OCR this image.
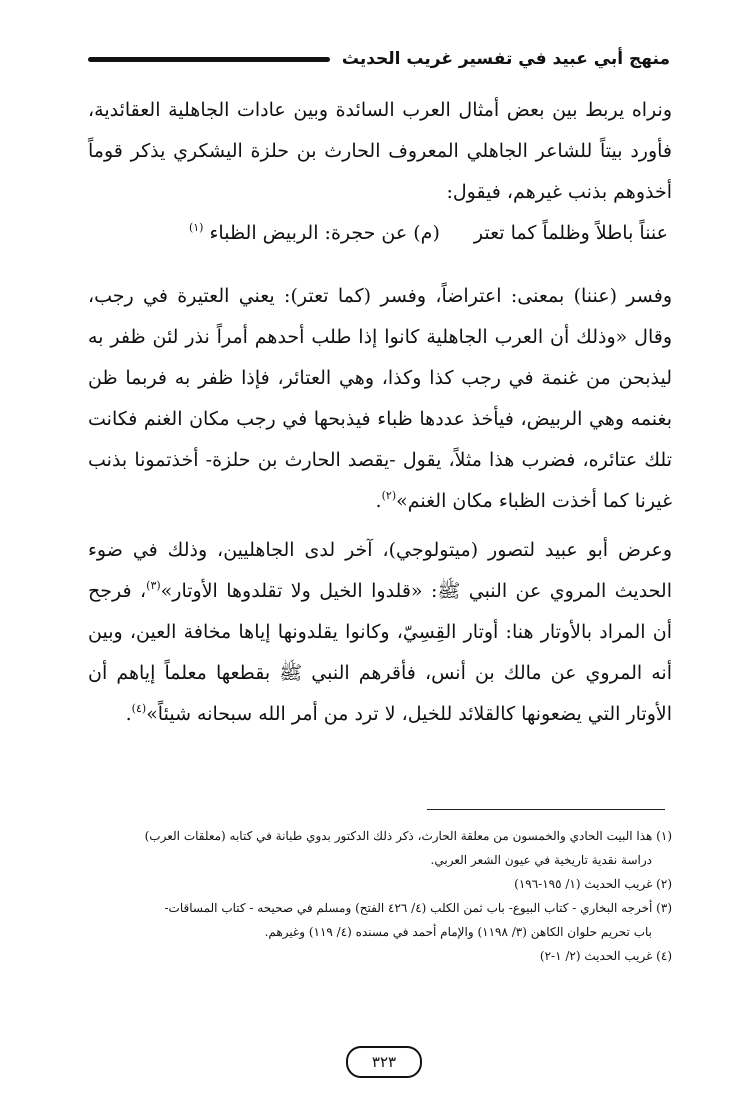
منهج أبي عبيد في تفسير غريب الحديث

ونراه يربط بين بعض أمثال العرب السائدة وبين عادات الجاهلية العقائدية، فأورد بيتاً للشاعر الجاهلي المعروف الحارث بن حلزة اليشكري يذكر قوماً أخذوهم بذنب غيرهم، فيقول:

عنناً باطلاً وظلماً كما تعتر
(م) عن حجرة: الربيض الظباء $^{(١)}$

وفسر (عننا) بمعنى: اعتراضاً، وفسر (كما تعتر): يعني العتيرة في رجب، وقال «وذلك أن العرب الجاهلية كانوا إذا طلب أحدهم أمراً نذر لئن ظفر به ليذبحن من غنمة في رجب كذا وكذا، وهي العتائر، فإذا ظفر به فربما ظن بغنمه وهي الربيض، فيأخذ عددها ظباء فيذبحها في رجب مكان الغنم فكانت تلك عتائره، فضرب هذا مثلاً، يقول -يقصد الحارث بن حلزة- أخذتمونا بذنب غيرنا كما أخذت الظباء مكان الغنم»$^{(٢)}$.

وعرض أبو عبيد لتصور (ميتولوجي)، آخر لدى الجاهليين، وذلك في ضوء الحديث المروي عن النبي ﷺ: «قلدوا الخيل ولا تقلدوها الأوتار»$^{(٣)}$، فرجح أن المراد بالأوتار هنا: أوتار القِسِيّ، وكانوا يقلدونها إياها مخافة العين، وبين أنه المروي عن مالك بن أنس، فأقرهم النبي ﷺ بقطعها معلماً إياهم أن الأوتار التي يضعونها كالقلائد للخيل، لا ترد من أمر الله سبحانه شيئاً»$^{(٤)}$.

(١) هذا البيت الحادي والخمسون من معلقة الحارث، ذكر ذلك الدكتور بدوي طبانة في كتابه (معلقات العرب)

دراسة نقدية تاريخية في عيون الشعر العربي.

(٢) غريب الحديث (١/ ١٩٥-١٩٦)

(٣) أخرجه البخاري - كتاب البيوع- باب ثمن الكلب (٤/ ٤٢٦ الفتح) ومسلم في صحيحه - كتاب المساقات-

باب تحريم حلوان الكاهن (٣/ ١١٩٨) والإمام أحمد في مسنده (٤/ ١١٩) وغيرهم.

(٤) غريب الحديث (٢/ ١-٢)

٣٢٣
